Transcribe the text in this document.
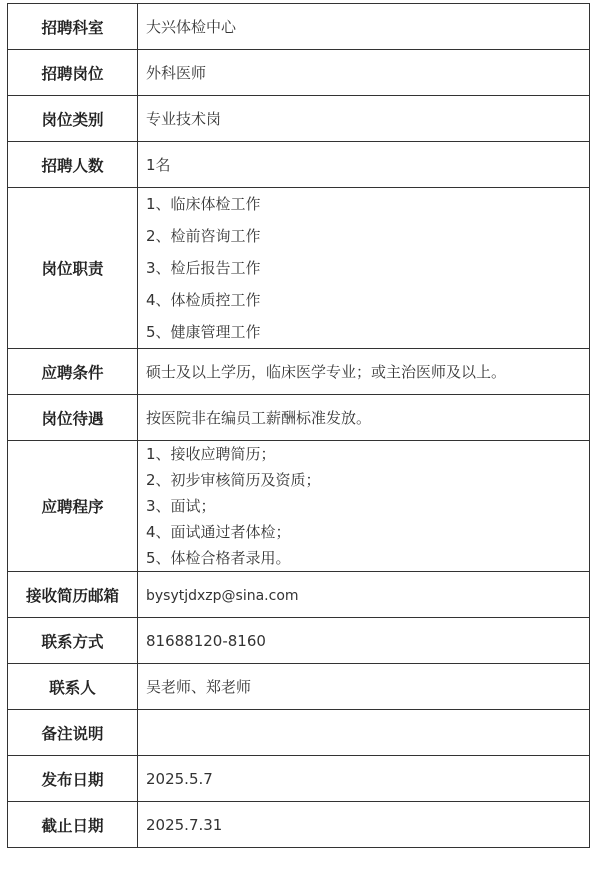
招聘科室	大兴体检中心
招聘岗位	外科医师
岗位类别	专业技术岗
招聘人数	1名
岗位职责	1、临床体检工作
2、检前咨询工作
3、检后报告工作
4、体检质控工作
5、健康管理工作

应聘条件	硕士及以上学历，临床医学专业；或主治医师及以上。
岗位待遇	按医院非在编员工薪酬标准发放。
应聘程序	1、接收应聘简历；
2、初步审核简历及资质；
3、面试；
4、面试通过者体检；
5、体检合格者录用。

接收简历邮箱	bysytjdxzp@sina.com
联系方式	81688120-8160
联系人	吴老师、郑老师
备注说明	
发布日期	2025.5.7
截止日期	2025.7.31
